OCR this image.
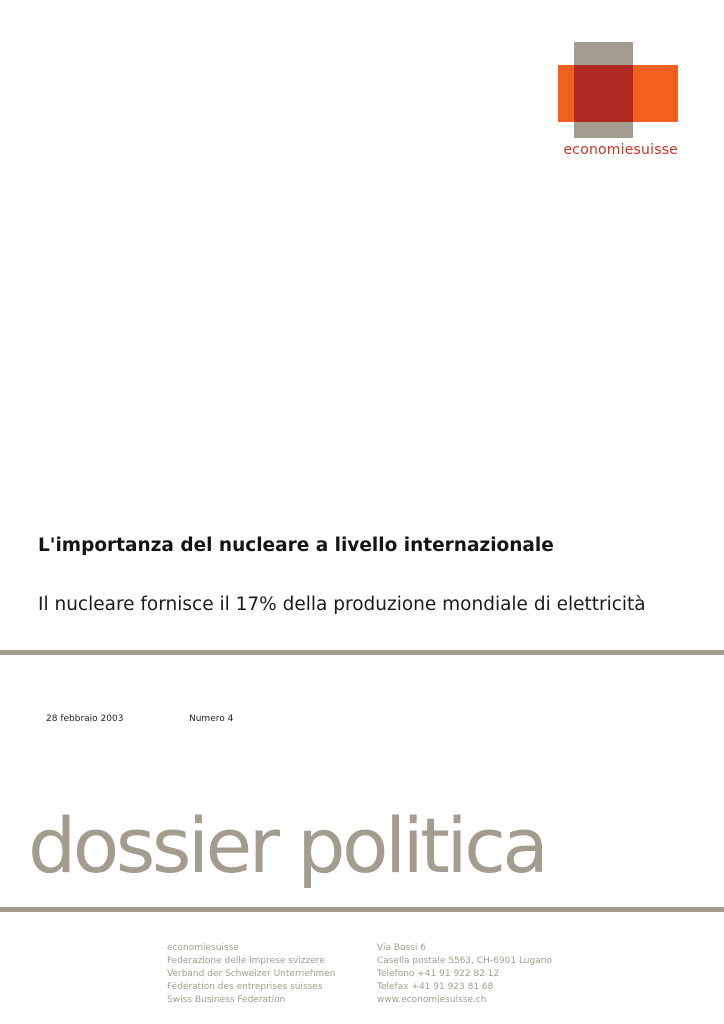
economiesuisse
L'importanza del nucleare a livello internazionale
Il nucleare fornisce il 17% della produzione mondiale di elettricità
28 febbraio 2003	Numero 4
dossier politica
economiesuisse
Federazione delle imprese svizzere
Verband der Schweizer Unternehmen
Fédération des entreprises suisses
Swiss Business Federation
Via Bossi 6
Casella postale 5563, CH-6901 Lugano
Telefono +41 91 922 82 12
Telefax +41 91 923 81 68
www.economiesuisse.ch
